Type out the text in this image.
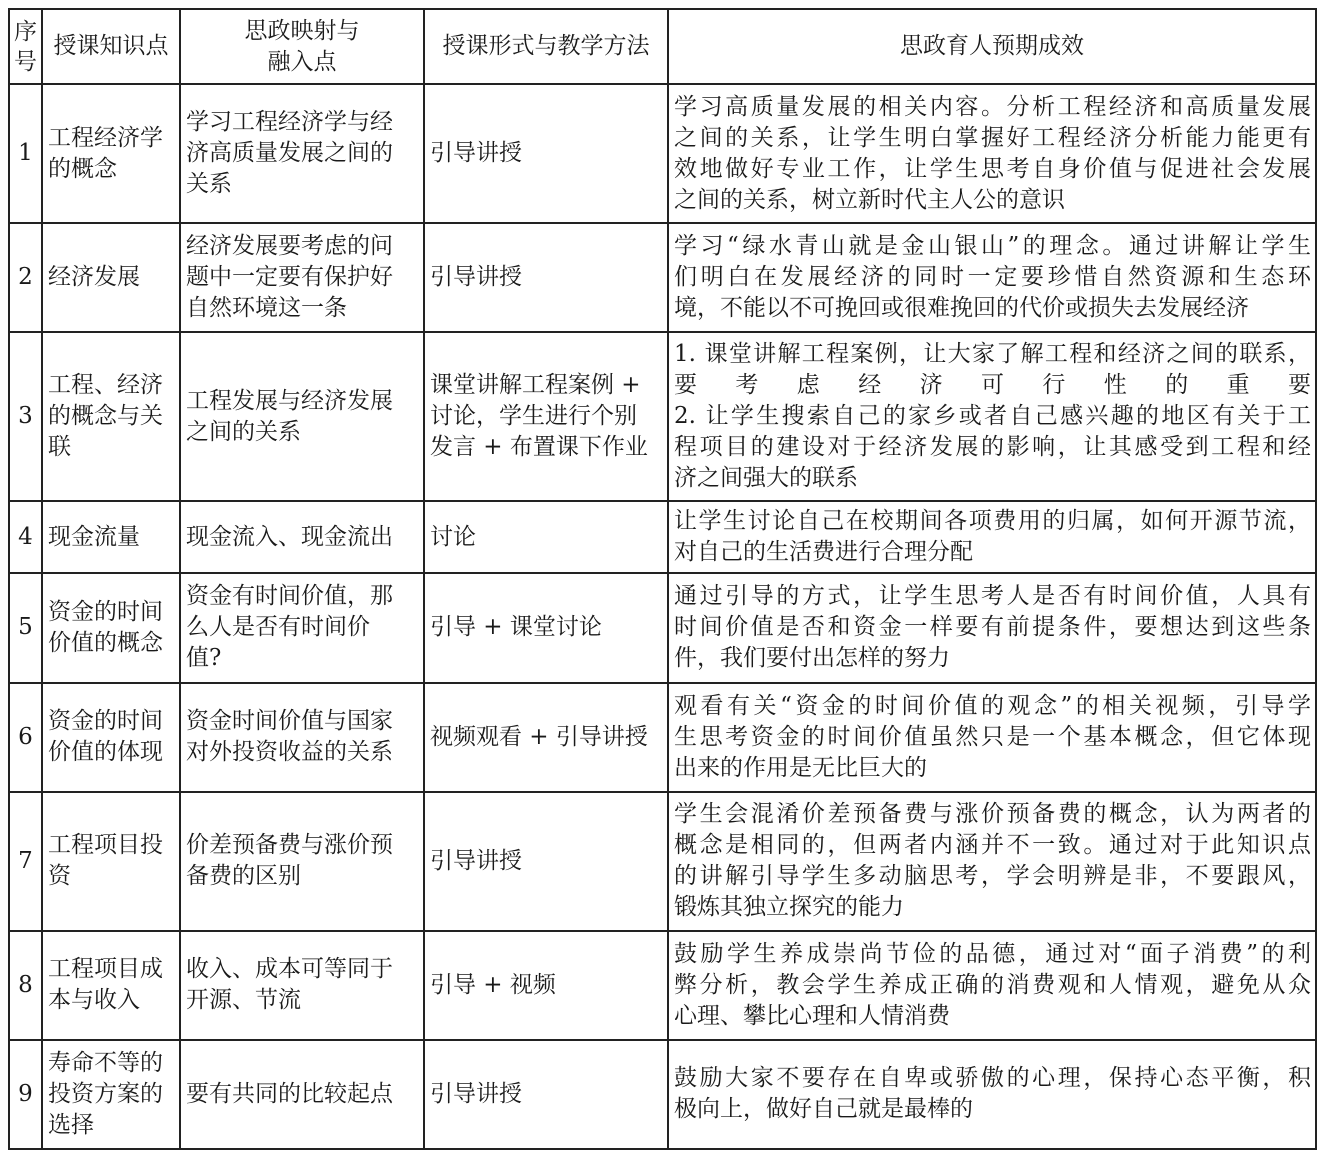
序
号	授课知识点	思政映射与
融入点	授课形式与教学方法	思政育人预期成效
1	工程经济学
的概念	学习工程经济学与经
济高质量发展之间的
关系	引导讲授	学习高质量发展的相关内容。分析工程经济和高质量发展
之间的关系，让学生明白掌握好工程经济分析能力能更有
效地做好专业工作，让学生思考自身价值与促进社会发展
之间的关系，树立新时代主人公的意识

2	经济发展	经济发展要考虑的问
题中一定要有保护好
自然环境这一条	引导讲授	学习“绿水青山就是金山银山”的理念。通过讲解让学生
们明白在发展经济的同时一定要珍惜自然资源和生态环
境，不能以不可挽回或很难挽回的代价或损失去发展经济

3	工程、经济
的概念与关
联	工程发展与经济发展
之间的关系	课堂讲解工程案例 +
讨论，学生进行个别
发言 + 布置课下作业	1. 课堂讲解工程案例，让大家了解工程和经济之间的联系，
要考虑经济可行性的重要
2. 让学生搜索自己的家乡或者自己感兴趣的地区有关于工
程项目的建设对于经济发展的影响，让其感受到工程和经
济之间强大的联系

4	现金流量	现金流入、现金流出	讨论	让学生讨论自己在校期间各项费用的归属，如何开源节流，
对自己的生活费进行合理分配

5	资金的时间
价值的概念	资金有时间价值，那
么人是否有时间价
值?	引导 + 课堂讨论	通过引导的方式，让学生思考人是否有时间价值，人具有
时间价值是否和资金一样要有前提条件，要想达到这些条
件，我们要付出怎样的努力

6	资金的时间
价值的体现	资金时间价值与国家
对外投资收益的关系	视频观看 + 引导讲授	观看有关“资金的时间价值的观念”的相关视频，引导学
生思考资金的时间价值虽然只是一个基本概念，但它体现
出来的作用是无比巨大的

7	工程项目投
资	价差预备费与涨价预
备费的区别	引导讲授	学生会混淆价差预备费与涨价预备费的概念，认为两者的
概念是相同的，但两者内涵并不一致。通过对于此知识点
的讲解引导学生多动脑思考，学会明辨是非，不要跟风，
锻炼其独立探究的能力

8	工程项目成
本与收入	收入、成本可等同于
开源、节流	引导 + 视频	鼓励学生养成崇尚节俭的品德，通过对“面子消费”的利
弊分析，教会学生养成正确的消费观和人情观，避免从众
心理、攀比心理和人情消费

9	寿命不等的
投资方案的
选择	要有共同的比较起点	引导讲授	鼓励大家不要存在自卑或骄傲的心理，保持心态平衡，积
极向上，做好自己就是最棒的
